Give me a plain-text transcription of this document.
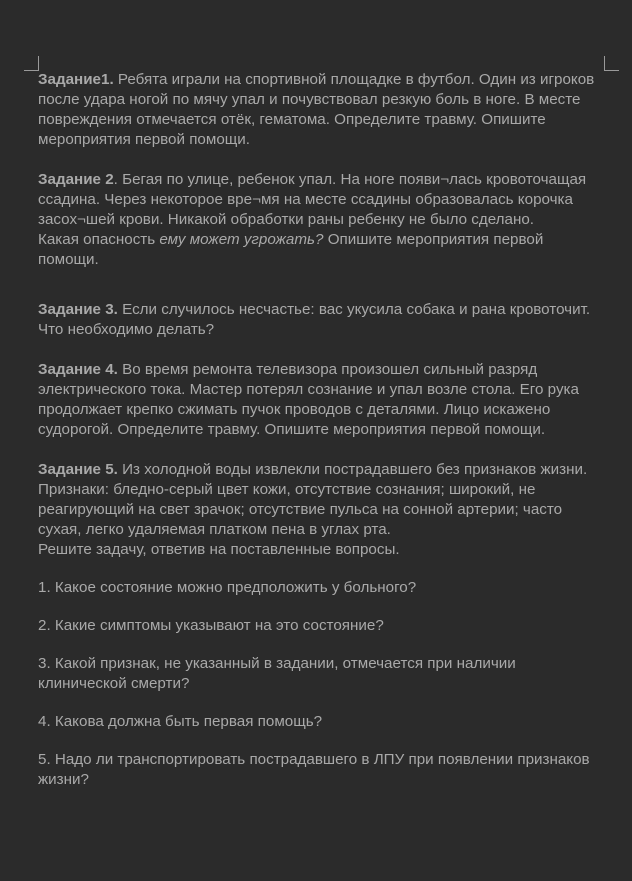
Задание1. Ребята играли на спортивной площадке в футбол. Один из игроков после удара ногой по мячу упал и почувствовал резкую боль в ноге. В месте повреждения отмечается отёк, гематома. Определите травму. Опишите мероприятия первой помощи.

Задание 2. Бегая по улице, ребенок упал. На ноге появи¬лась кровоточащая ссадина. Через некоторое вре¬мя на месте ссадины образовалась корочка засох¬шей крови. Никакой обработки раны ребенку не было сделано.
Какая опасность ему может угрожать? Опишите мероприятия первой помощи.

Задание 3. Если случилось несчастье: вас укусила собака и рана кровоточит. Что необходимо делать?

Задание 4. Во время ремонта телевизора произошел сильный разряд электрического тока. Мастер потерял сознание и упал возле стола. Его рука продолжает крепко сжимать пучок проводов с деталями. Лицо искажено судорогой. Определите травму. Опишите мероприятия первой помощи.

Задание 5. Из холодной воды извлекли пострадавшего без признаков жизни.
Признаки: бледно-серый цвет кожи, отсутствие сознания; широкий, не реагирующий на свет зрачок; отсутствие пульса на сонной артерии; часто сухая, легко удаляемая платком пена в углах рта.
Решите задачу, ответив на поставленные вопросы.

1. Какое состояние можно предположить у больного?

2. Какие симптомы указывают на это состояние?

3. Какой признак, не указанный в задании, отмечается при наличии клинической смерти?

4. Какова должна быть первая помощь?

5. Надо ли транспортировать пострадавшего в ЛПУ при появлении признаков жизни?
